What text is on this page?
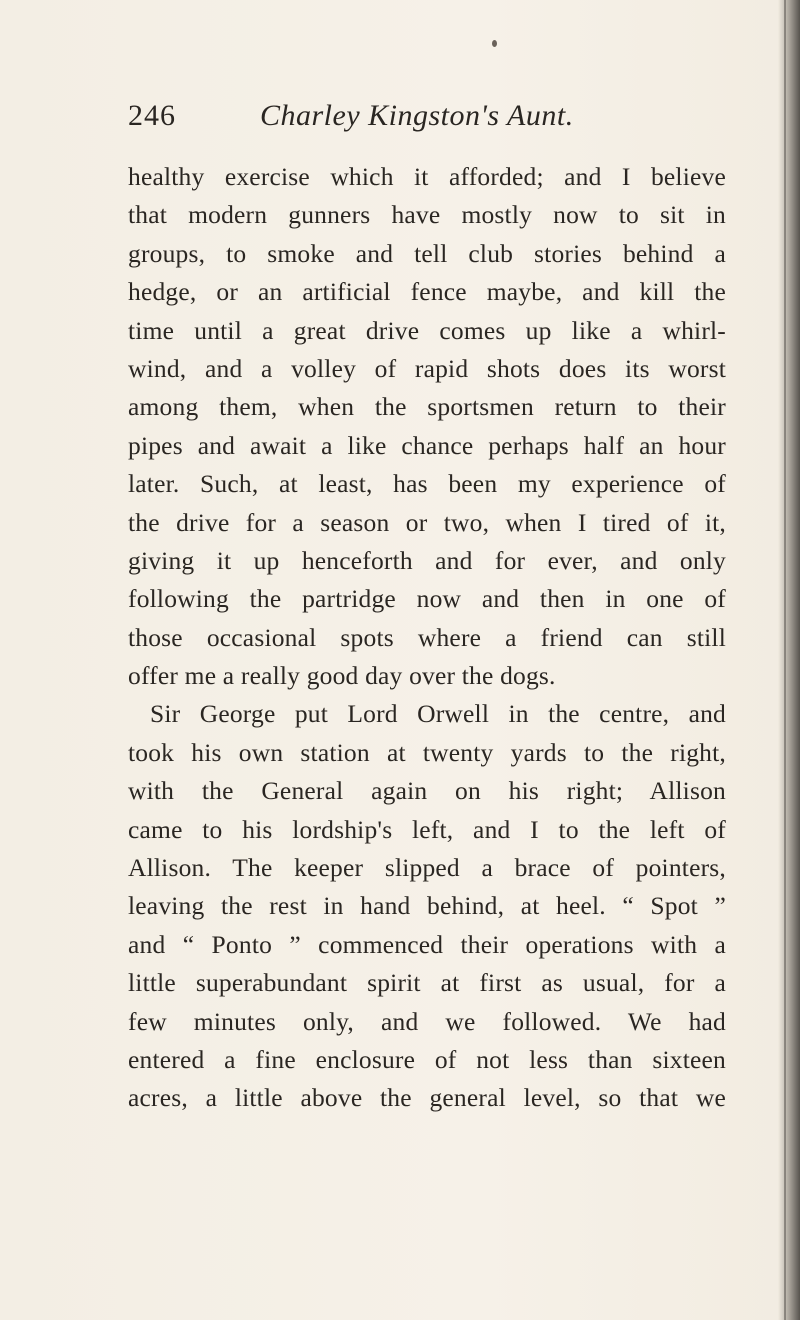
246	Charley Kingston's Aunt.
healthy exercise which it afforded; and I believe
that modern gunners have mostly now to sit in
groups, to smoke and tell club stories behind a
hedge, or an artificial fence maybe, and kill the
time until a great drive comes up like a whirl-
wind, and a volley of rapid shots does its worst
among them, when the sportsmen return to their
pipes and await a like chance perhaps half an hour
later. Such, at least, has been my experience of
the drive for a season or two, when I tired of it,
giving it up henceforth and for ever, and only
following the partridge now and then in one of
those occasional spots where a friend can still
offer me a really good day over the dogs.
Sir George put Lord Orwell in the centre, and
took his own station at twenty yards to the right,
with the General again on his right; Allison
came to his lordship's left, and I to the left of
Allison. The keeper slipped a brace of pointers,
leaving the rest in hand behind, at heel. “ Spot ”
and “ Ponto ” commenced their operations with a
little superabundant spirit at first as usual, for a
few minutes only, and we followed. We had
entered a fine enclosure of not less than sixteen
acres, a little above the general level, so that we
